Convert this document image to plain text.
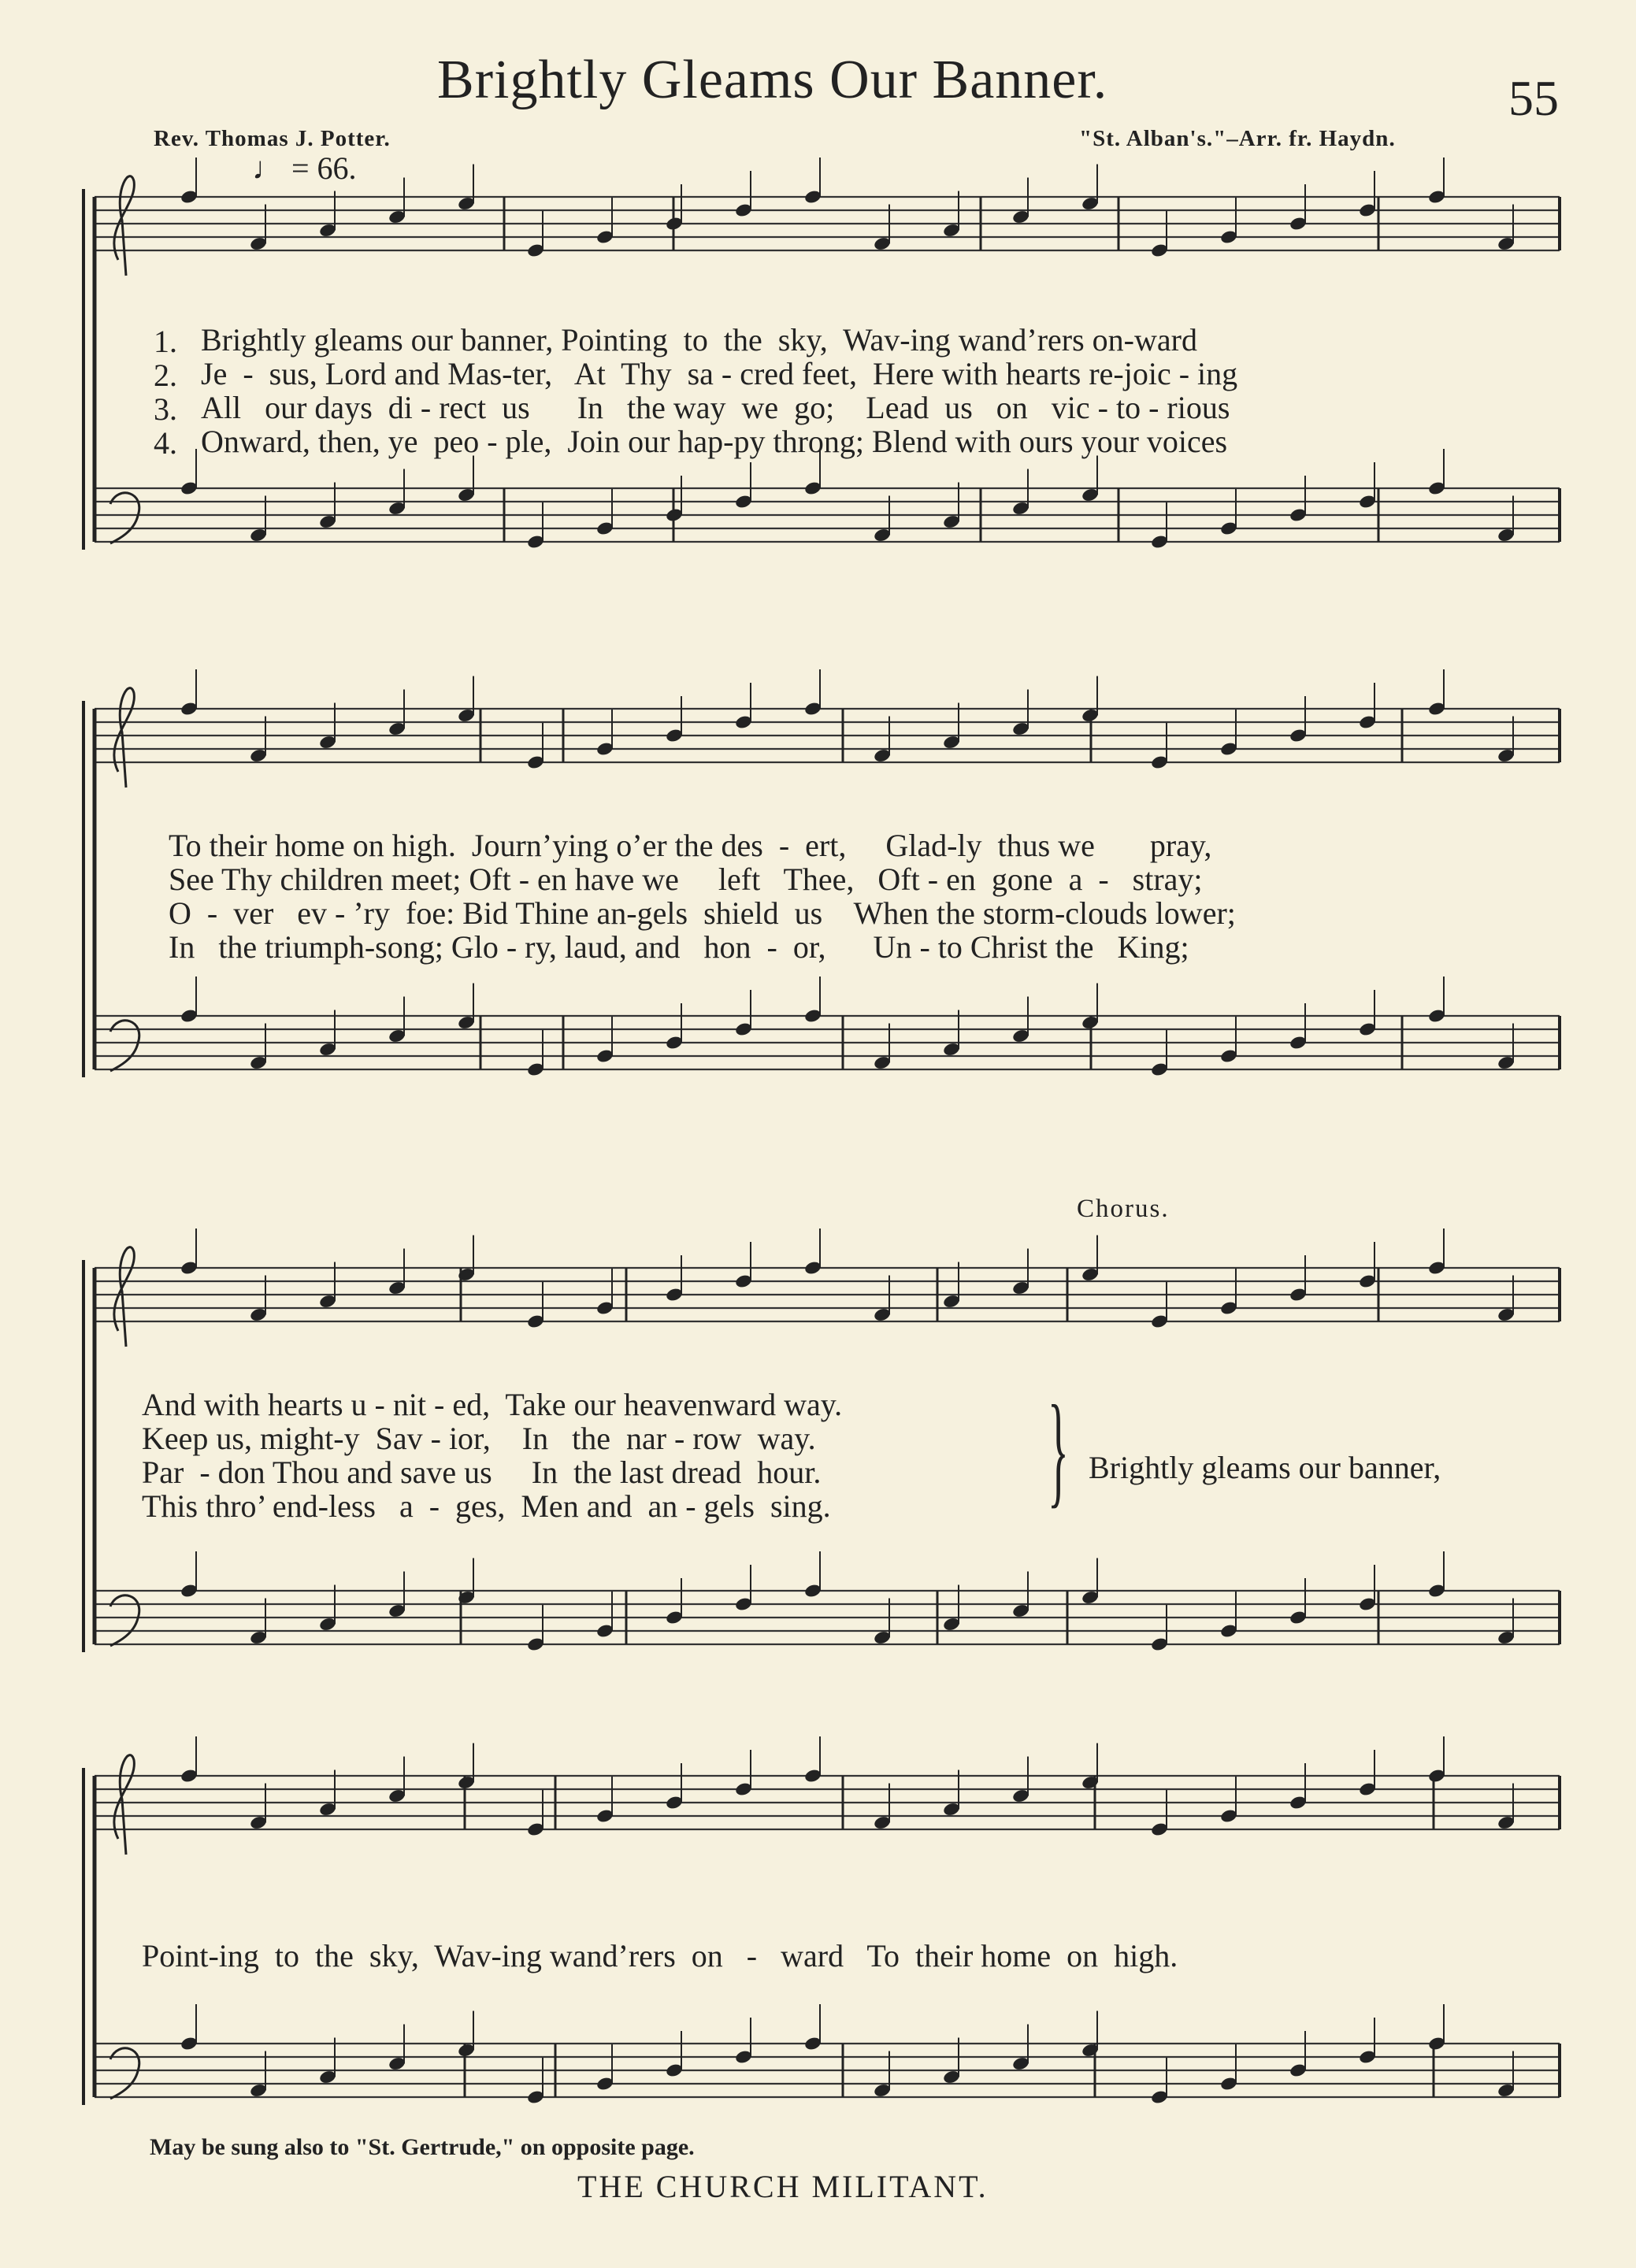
Brightly Gleams Our Banner.	55
Rev. Thomas J. Potter.	"St. Alban's."–Arr. fr. Haydn.
♩ = 66.
1.
2.
3.
4.
Brightly gleams our banner, Pointing  to  the  sky,  Wav-ing wand’rers on-ward
Je  -  sus, Lord and Mas-ter,   At  Thy  sa - cred feet,  Here with hearts re-joic - ing
All   our days  di - rect  us      In   the way  we  go;    Lead  us   on   vic - to - rious
Onward, then, ye  peo - ple,  Join our hap-py throng; Blend with ours your voices
To their home on high.  Journ’ying o’er the des  -  ert,     Glad-ly  thus we       pray,
See Thy children meet; Oft - en have we     left   Thee,   Oft - en  gone  a  -   stray;
O  -  ver   ev - ’ry  foe: Bid Thine an-gels  shield  us    When the storm-clouds lower;
In   the triumph-song; Glo - ry, laud, and   hon  -  or,      Un - to Christ the   King;
Chorus.
And with hearts u - nit - ed,  Take our heavenward way.
Keep us, might-y  Sav - ior,    In   the  nar - row  way.
Par  - don Thou and save us     In  the last dread  hour.
This thro’ end-less   a  -  ges,  Men and  an - gels  sing. } Brightly gleams our banner,
Point-ing  to  the  sky,  Wav-ing wand’rers  on   -   ward   To  their home  on  high.
May be sung also to "St. Gertrude," on opposite page.
THE CHURCH MILITANT.
